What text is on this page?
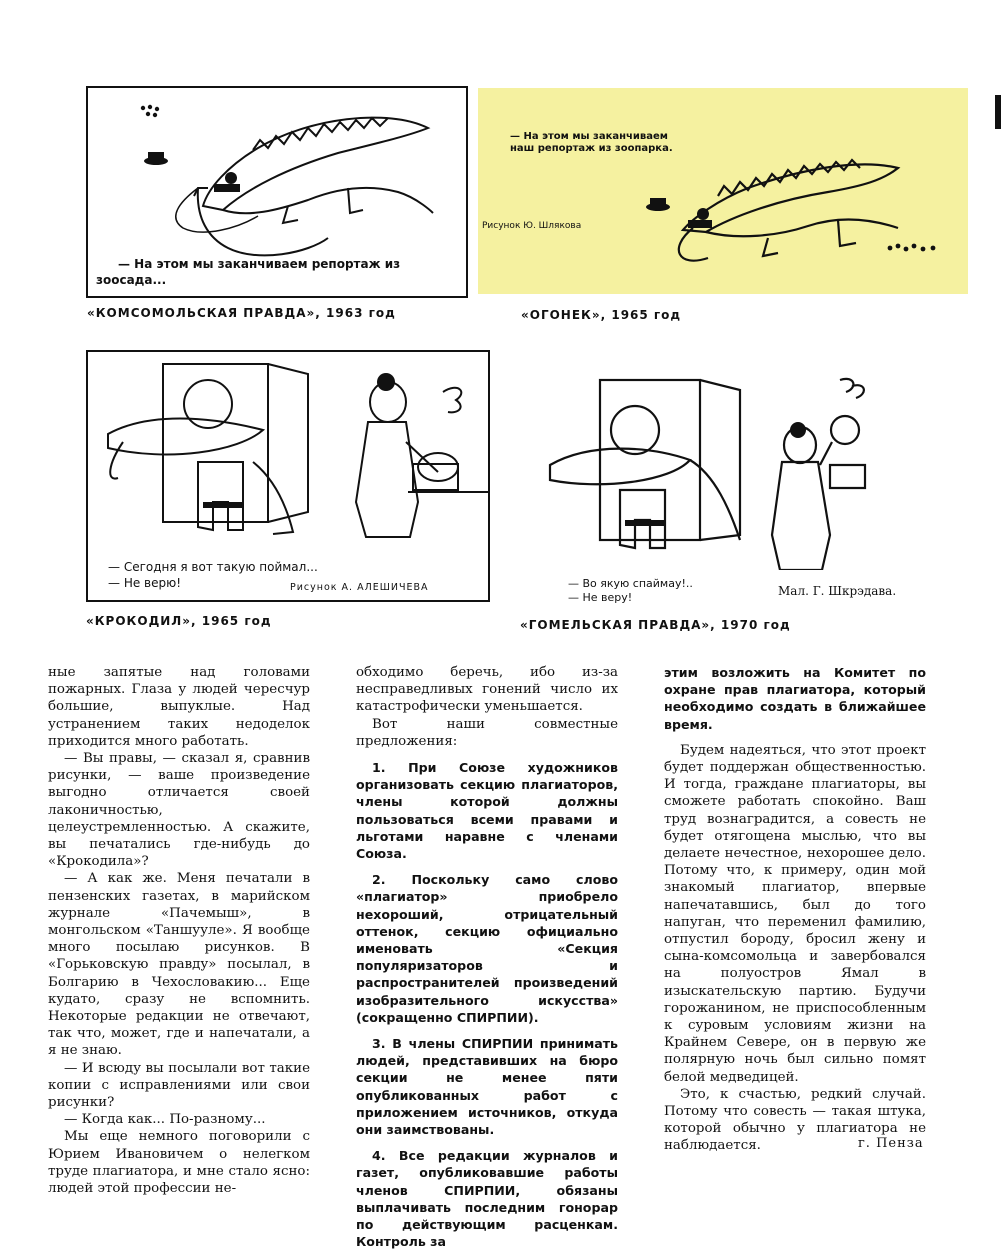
— На этом мы заканчиваем репортаж из
зоосада...
«КОМСОМОЛЬСКАЯ ПРАВДА», 1963 год
— На этом мы заканчиваем
наш репортаж из зоопарка.
Рисунок Ю. Шлякова
«ОГОНЕК», 1965 год
— Сегодня я вот такую поймал...
— Не верю!	Рисунок А. АЛЕШИЧЕВА
«КРОКОДИЛ», 1965 год
— Во якую спаймау!..
— Не веру!	Мал. Г. Шкрэдава.
«ГОМЕЛЬСКАЯ ПРАВДА», 1970 год

ные запятые над головами пожарных. Глаза у людей чересчур большие, выпуклые. Над устранением таких недоделок приходится много работать.

— Вы правы, — сказал я, сравнив рисунки, — ваше произведение выгодно отличается своей лаконичностью, целеустремленностью. А скажите, вы печатались где-нибудь до «Крокодила»?

— А как же. Меня печатали в пензенских газетах, в марийском журнале «Пачемыш», в монгольском «Таншууле». Я вообще много посылаю рисунков. В «Горьковскую правду» посылал, в Болгарию в Чехословакию... Еще кудато, сразу не вспомнить. Некоторые редакции не отвечают, так что, может, где и напечатали, а я не знаю.

— И всюду вы посылали вот такие копии с исправлениями или свои рисунки?

— Когда как... По-разному...

Мы еще немного поговорили с Юрием Ивановичем о нелегком труде плагиатора, и мне стало ясно: людей этой профессии не-

обходимо беречь, ибо из-за несправедливых гонений число их катастрофически уменьшается.

Вот наши совместные предложения:

1. При Союзе художников организовать секцию плагиаторов, члены которой должны пользоваться всеми правами и льготами наравне с членами Союза.

2. Поскольку само слово «плагиатор» приобрело нехороший, отрицательный оттенок, секцию официально именовать «Секция популяризаторов и распространителей произведений изобразительного искусства» (сокращенно СПИРПИИ).

3. В члены СПИРПИИ принимать людей, представивших на бюро секции не менее пяти опубликованных работ с приложением источников, откуда они заимствованы.

4. Все редакции журналов и газет, опубликовавшие работы членов СПИРПИИ, обязаны выплачивать последним гонорар по действующим расценкам. Контроль за

этим возложить на Комитет по охране прав плагиатора, который необходимо создать в ближайшее время.

Будем надеяться, что этот проект будет поддержан общественностью. И тогда, граждане плагиаторы, вы сможете работать спокойно. Ваш труд вознаградится, а совесть не будет отягощена мыслью, что вы делаете нечестное, нехорошее дело. Потому что, к примеру, один мой знакомый плагиатор, впервые напечатавшись, был до того напуган, что переменил фамилию, отпустил бороду, бросил жену и сына-комсомольца и завербовался на полуостров Ямал в изыскательскую партию. Будучи горожанином, не приспособленным к суровым условиям жизни на Крайнем Севере, он в первую же полярную ночь был сильно помят белой медведицей.

Это, к счастью, редкий случай. Потому что совесть — такая штука, которой обычно у плагиатора не наблюдается.	г. Пенза
